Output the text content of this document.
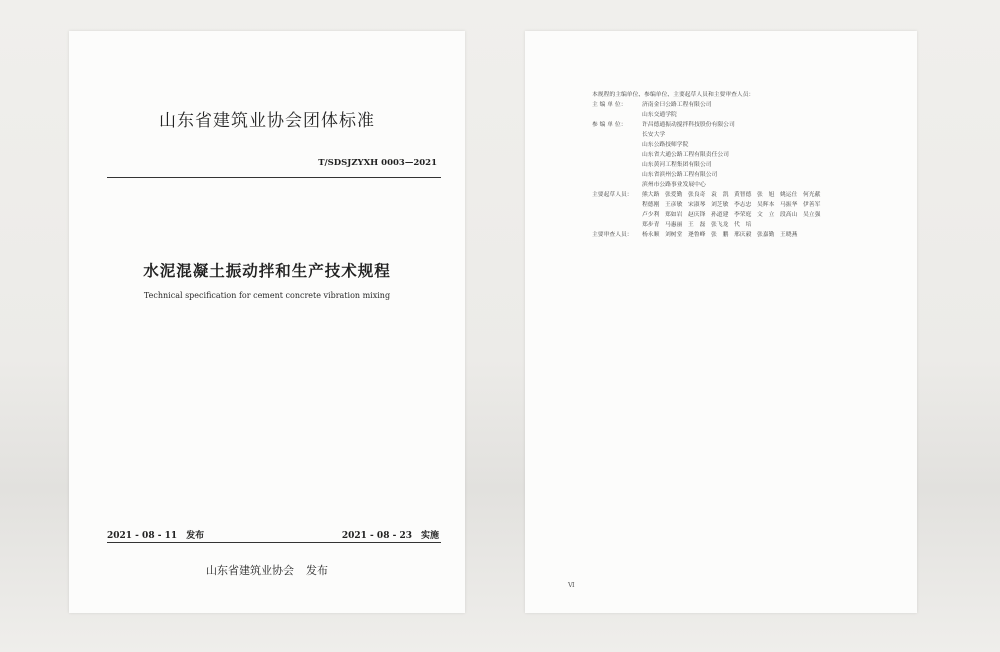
山东省建筑业协会团体标准
T/SDSJZYXH 0003—2021
水泥混凝土振动拌和生产技术规程
Technical specification for cement concrete vibration mixing
2021 - 08 - 11 发布	2021 - 08 - 23 实施
山东省建筑业协会 发布
本规程的主编单位、参编单位、主要起草人员和主要审查人员：
主 编 单 位：	济南金曰公路工程有限公司
山东交通学院
参 编 单 位：	许昌德通振动搅拌科技股份有限公司
长安大学
山东公路技师学院
山东省大通公路工程有限责任公司
山东黄河工程集团有限公司
山东省滨州公路工程有限公司
滨州市公路事业发展中心
主要起草人员： 熊大路 张爱勤 张良奇 袁　凯 黄智德 张　旭 姚运仕 何光献
程德刚 王彦敏 宋淑琴 刘芝敏 李志忠 吴辉本 马振华 伊善军
卢少利 郑如岩 赵庆锋 孙道建 李荣庭 文　立 段高山 吴立强
郑步青 马惠丽 王　磊 张飞龙 代　培
主要审查人员： 杨永顺 刘树堂 逄鲁峰 张　鹏 邢庆毅 张嘉勤 王晓燕
Ⅵ
